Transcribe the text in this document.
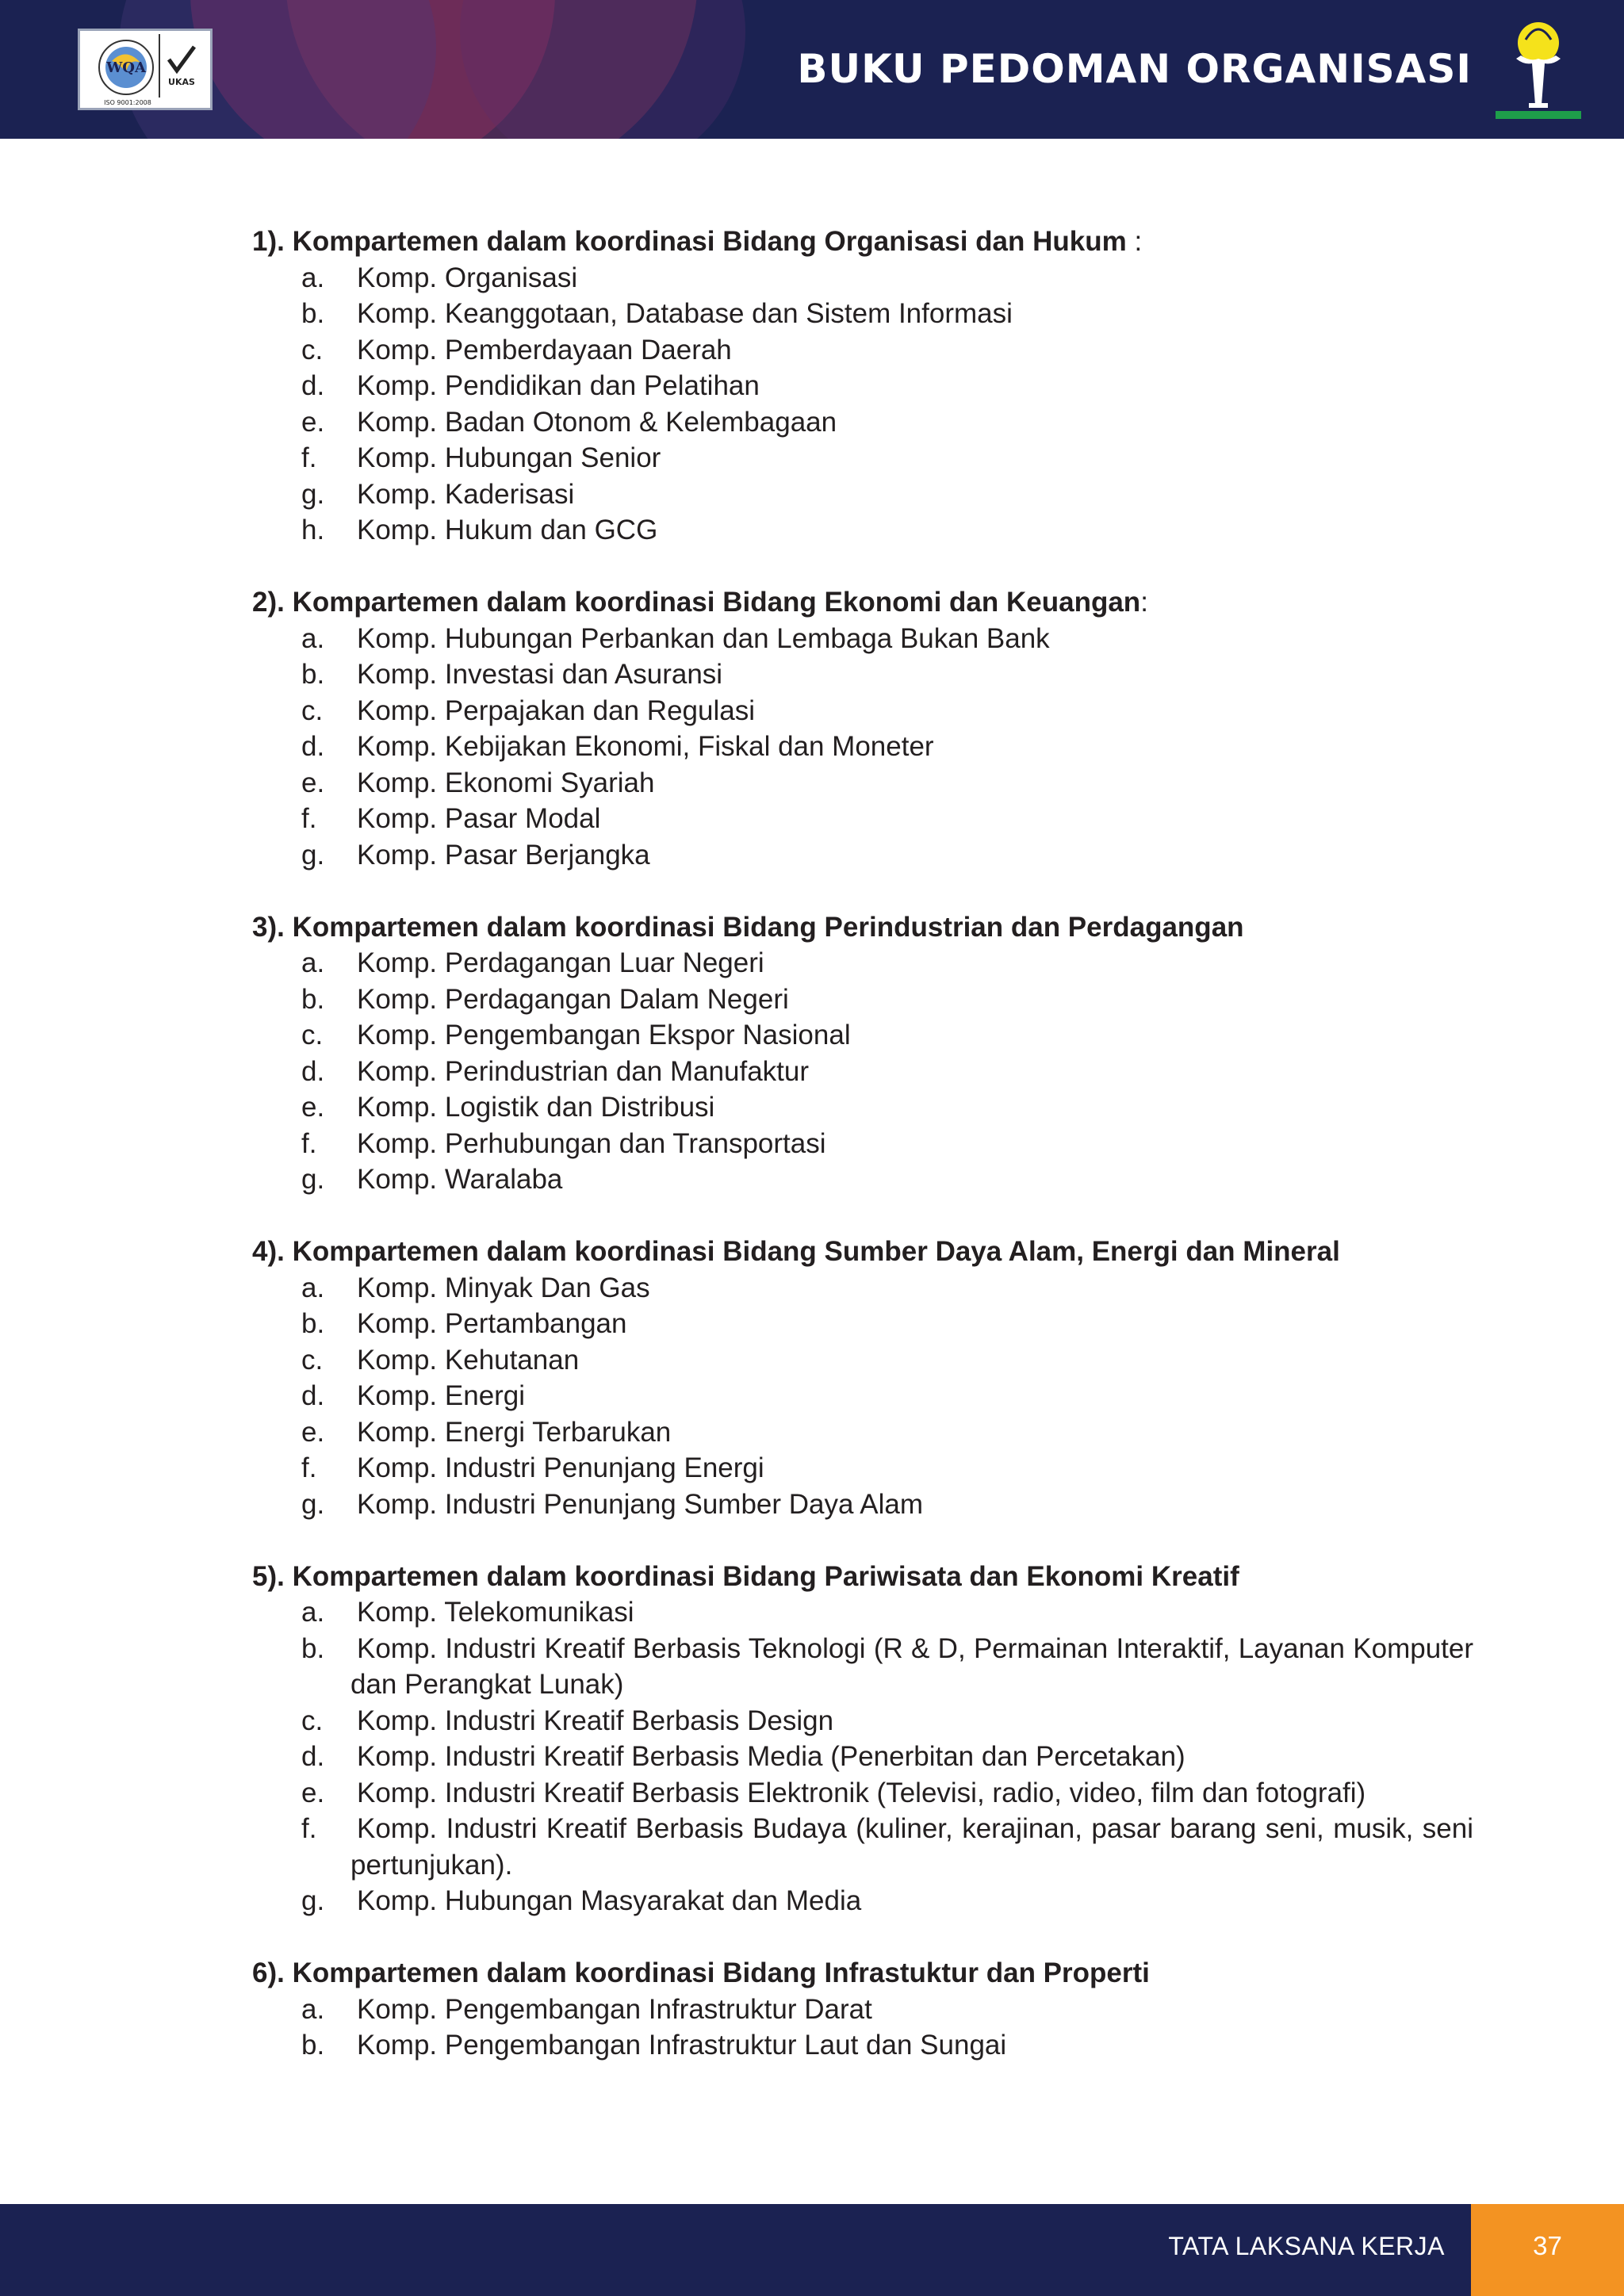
WQA
UKAS
ISO 9001:2008
BUKU PEDOMAN ORGANISASI
1). Kompartemen dalam koordinasi Bidang Organisasi dan Hukum :
a. Komp. Organisasi
b. Komp. Keanggotaan, Database dan Sistem Informasi
c. Komp. Pemberdayaan Daerah
d. Komp. Pendidikan dan Pelatihan
e. Komp. Badan Otonom & Kelembagaan
f. Komp. Hubungan Senior
g. Komp. Kaderisasi
h. Komp. Hukum dan GCG
2). Kompartemen dalam koordinasi Bidang Ekonomi dan Keuangan:
a. Komp. Hubungan Perbankan dan Lembaga Bukan Bank
b. Komp. Investasi dan Asuransi
c. Komp. Perpajakan dan Regulasi
d. Komp. Kebijakan Ekonomi, Fiskal dan Moneter
e. Komp. Ekonomi Syariah
f. Komp. Pasar Modal
g. Komp. Pasar Berjangka
3). Kompartemen dalam koordinasi Bidang Perindustrian dan Perdagangan
a. Komp. Perdagangan Luar Negeri
b. Komp. Perdagangan Dalam Negeri
c. Komp. Pengembangan Ekspor Nasional
d. Komp. Perindustrian dan Manufaktur
e. Komp. Logistik dan Distribusi
f. Komp. Perhubungan dan Transportasi
g. Komp. Waralaba
4). Kompartemen dalam koordinasi Bidang Sumber Daya Alam, Energi dan Mineral
a. Komp. Minyak Dan Gas
b. Komp. Pertambangan
c. Komp. Kehutanan
d. Komp. Energi
e. Komp. Energi Terbarukan
f. Komp. Industri Penunjang Energi
g. Komp. Industri Penunjang Sumber Daya Alam
5). Kompartemen dalam koordinasi Bidang Pariwisata dan Ekonomi Kreatif
a. Komp. Telekomunikasi
b. Komp. Industri Kreatif Berbasis Teknologi (R & D, Permainan Interaktif, Layanan Komputer dan Perangkat Lunak)
c. Komp. Industri Kreatif Berbasis Design
d. Komp. Industri Kreatif Berbasis Media (Penerbitan dan Percetakan)
e. Komp. Industri Kreatif Berbasis Elektronik (Televisi, radio, video, film dan fotografi)
f. Komp. Industri Kreatif Berbasis Budaya (kuliner, kerajinan, pasar barang seni, musik, seni pertunjukan).
g. Komp. Hubungan Masyarakat dan Media
6). Kompartemen dalam koordinasi Bidang Infrastuktur dan Properti
a. Komp. Pengembangan Infrastruktur Darat
b. Komp. Pengembangan Infrastruktur Laut dan Sungai
TATA LAKSANA KERJA	37
